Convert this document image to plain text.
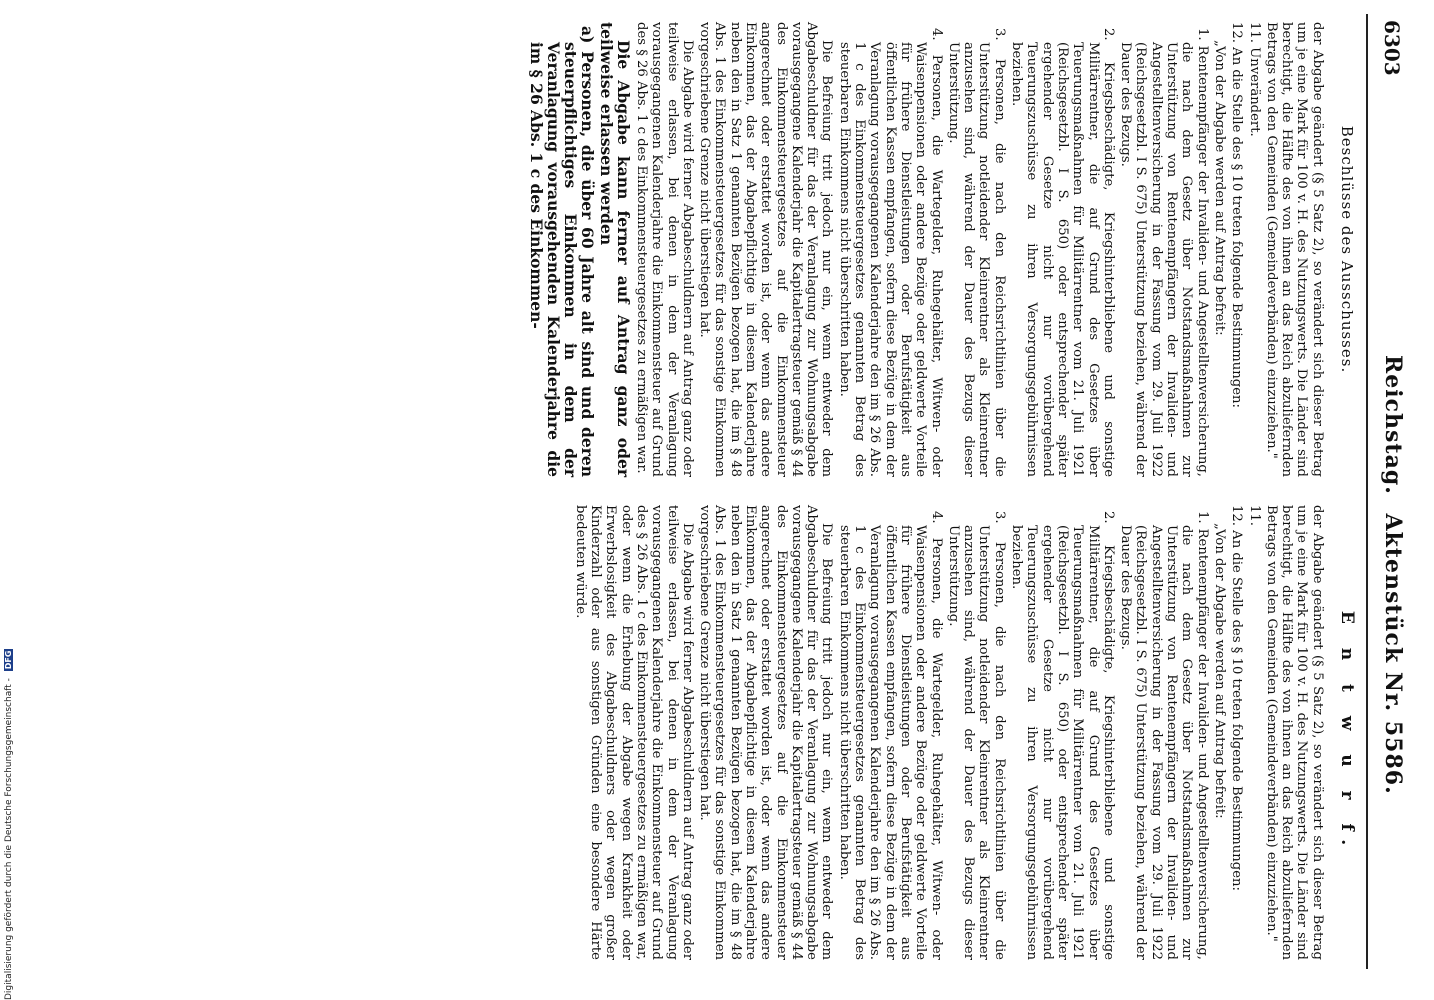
6303
Reichstag. Aktenstück Nr. 5586.
Beschlüsse des Ausschusses.

der Abgabe geändert (§ 5 Satz 2), so verändert sich dieser Betrag um je eine Mark für 100 v. H. des Nutzungswerts. Die Länder sind berechtigt, die Hälfte des von ihnen an das Reich abzuliefernden Betrags von den Gemeinden (Gemeindeverbänden) einzuziehen."

11. Unverändert.

12. An die Stelle des § 10 treten folgende Bestimmungen:

„Von der Abgabe werden auf Antrag befreit:

1. Rentenempfänger der Invaliden- und Angestelltenversicherung, die nach dem Gesetz über Notstandsmaßnahmen zur Unterstützung von Rentenempfängern der Invaliden- und Angestelltenversicherung in der Fassung vom 29. Juli 1922 (Reichsgesetzbl. I S. 675) Unterstützung beziehen, während der Dauer des Bezugs.

2. Kriegsbeschädigte, Kriegshinterbliebene und sonstige Militärrentner, die auf Grund des Gesetzes über Teuerungsmaßnahmen für Militärrentner vom 21. Juli 1921 (Reichsgesetzbl. I S. 650) oder entsprechender später ergehender Gesetze nicht nur vorübergehend Teuerungszuschüsse zu ihren Versorgungsgebührnissen beziehen.

3. Personen, die nach den Reichsrichtlinien über die Unterstützung notleidender Kleinrentner als Kleinrentner anzusehen sind, während der Dauer des Bezugs dieser Unterstützung.

4. Personen, die Wartegelder, Ruhegehälter, Witwen- oder Waisenpensionen oder andere Bezüge oder geldwerte Vorteile für frühere Dienstleistungen oder Berufstätigkeit aus öffentlichen Kassen empfangen, sofern diese Bezüge in dem der Veranlagung vorausgegangenen Kalenderjahre den im § 26 Abs. 1 c des Einkommensteuergesetzes genannten Betrag des steuerbaren Einkommens nicht überschritten haben.

Die Befreiung tritt jedoch nur ein, wenn entweder dem Abgabeschuldner für das der Veranlagung zur Wohnungsabgabe vorausgegangene Kalenderjahr die Kapitalertragsteuer gemäß § 44 des Einkommensteuergesetzes auf die Einkommensteuer angerechnet oder erstattet worden ist, oder wenn das andere Einkommen, das der Abgabepflichtige in diesem Kalenderjahre neben den in Satz 1 genannten Bezügen bezogen hat, die im § 48 Abs. 1 des Einkommensteuergesetzes für das sonstige Einkommen vorgeschriebene Grenze nicht überstiegen hat.

Die Abgabe wird ferner Abgabeschuldnern auf Antrag ganz oder teilweise erlassen, bei denen in dem der Veranlagung vorausgegangenen Kalenderjahre die Einkommensteuer auf Grund des § 26 Abs. 1 c des Einkommensteuergesetzes zu ermäßigen war.

Die Abgabe kann ferner auf Antrag ganz oder teilweise erlassen werden

a) Personen, die über 60 Jahre alt sind und deren steuerpflichtiges Einkommen in dem der Veranlagung vorausgehenden Kalenderjahre die im § 26 Abs. 1 c des Einkommen-

E n t w u r f.

der Abgabe geändert (§ 5 Satz 2), so verändert sich dieser Betrag um je eine Mark für 100 v. H. des Nutzungswerts. Die Länder sind berechtigt, die Hälfte des von ihnen an das Reich abzuliefernden Betrags von den Gemeinden (Gemeindeverbänden) einzuziehen."

11.

12. An die Stelle des § 10 treten folgende Bestimmungen:

„Von der Abgabe werden auf Antrag befreit:

1. Rentenempfänger der Invaliden- und Angestelltenversicherung, die nach dem Gesetz über Notstandsmaßnahmen zur Unterstützung von Rentenempfängern der Invaliden- und Angestelltenversicherung in der Fassung vom 29. Juli 1922 (Reichsgesetzbl. I S. 675) Unterstützung beziehen, während der Dauer des Bezugs.

2. Kriegsbeschädigte, Kriegshinterbliebene und sonstige Militärrentner, die auf Grund des Gesetzes über Teuerungsmaßnahmen für Militärrentner vom 21. Juli 1921 (Reichsgesetzbl. I S. 650) oder entsprechender später ergehender Gesetze nicht nur vorübergehend Teuerungszuschüsse zu ihren Versorgungsgebührnissen beziehen.

3. Personen, die nach den Reichsrichtlinien über die Unterstützung notleidender Kleinrentner als Kleinrentner anzusehen sind, während der Dauer des Bezugs dieser Unterstützung.

4. Personen, die Wartegelder, Ruhegehälter, Witwen- oder Waisenpensionen oder andere Bezüge oder geldwerte Vorteile für frühere Dienstleistungen oder Berufstätigkeit aus öffentlichen Kassen empfangen, sofern diese Bezüge in dem der Veranlagung vorausgegangenen Kalenderjahre den im § 26 Abs. 1 c des Einkommensteuergesetzes genannten Betrag des steuerbaren Einkommens nicht überschritten haben.

Die Befreiung tritt jedoch nur ein, wenn entweder dem Abgabeschuldner für das der Veranlagung zur Wohnungsabgabe vorausgegangene Kalenderjahr die Kapitalertragsteuer gemäß § 44 des Einkommensteuergesetzes auf die Einkommensteuer angerechnet oder erstattet worden ist, oder wenn das andere Einkommen, das der Abgabepflichtige in diesem Kalenderjahre neben den in Satz 1 genannten Bezügen bezogen hat, die im § 48 Abs. 1 des Einkommensteuergesetzes für das sonstige Einkommen vorgeschriebene Grenze nicht überstiegen hat.

Die Abgabe wird ferner Abgabeschuldnern auf Antrag ganz oder teilweise erlassen, bei denen in dem der Veranlagung vorausgegangenen Kalenderjahre die Einkommensteuer auf Grund des § 26 Abs. 1 c des Einkommensteuergesetzes zu ermäßigen war, oder wenn die Erhebung der Abgabe wegen Krankheit oder Erwerbslosigkeit des Abgabeschuldners oder wegen großer Kinderzahl oder aus sonstigen Gründen eine besondere Härte bedeuten würde.

Digitalisierung gefördert durch die Deutsche Forschungsgemeinschaft - DFG
